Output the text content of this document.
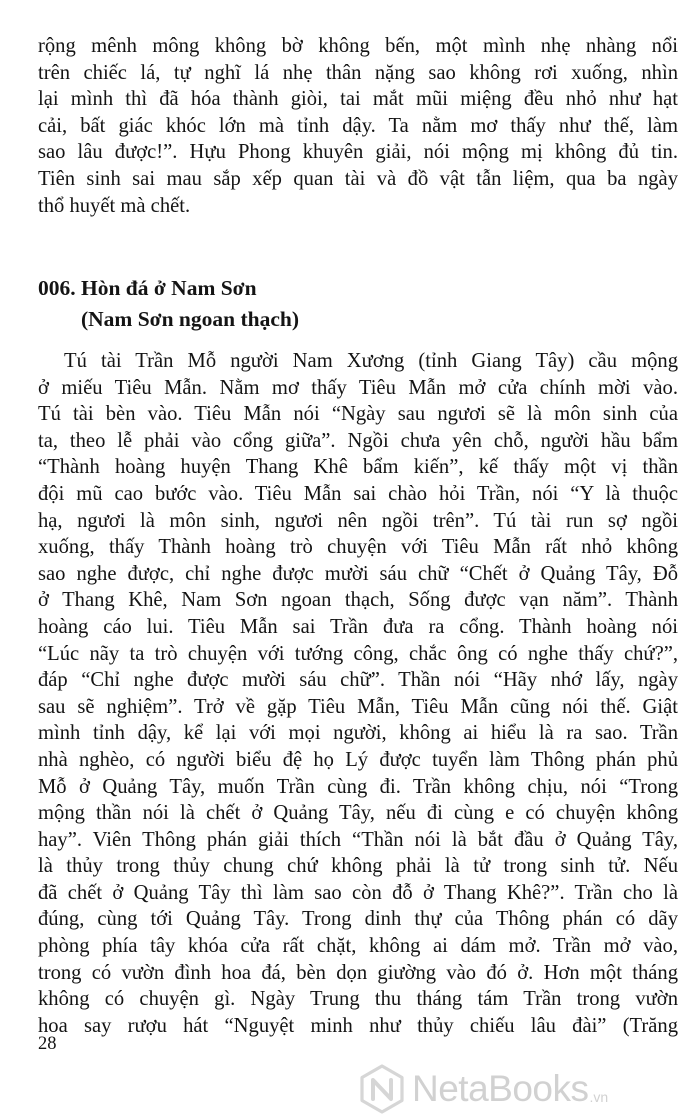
rộng mênh mông không bờ không bến, một mình nhẹ nhàng nổi
trên chiếc lá, tự nghĩ lá nhẹ thân nặng sao không rơi xuống, nhìn
lại mình thì đã hóa thành giòi, tai mắt mũi miệng đều nhỏ như hạt
cải, bất giác khóc lớn mà tỉnh dậy. Ta nằm mơ thấy như thế, làm
sao lâu được!”. Hựu Phong khuyên giải, nói mộng mị không đủ tin.
Tiên sinh sai mau sắp xếp quan tài và đồ vật tẫn liệm, qua ba ngày
thổ huyết mà chết.
006. Hòn đá ở Nam Sơn
(Nam Sơn ngoan thạch)
Tú tài Trần Mỗ người Nam Xương (tỉnh Giang Tây) cầu mộng
ở miếu Tiêu Mẫn. Nằm mơ thấy Tiêu Mẫn mở cửa chính mời vào.
Tú tài bèn vào. Tiêu Mẫn nói “Ngày sau ngươi sẽ là môn sinh của
ta, theo lễ phải vào cổng giữa”. Ngồi chưa yên chỗ, người hầu bẩm
“Thành hoàng huyện Thang Khê bẩm kiến”, kế thấy một vị thần
đội mũ cao bước vào. Tiêu Mẫn sai chào hỏi Trần, nói “Y là thuộc
hạ, ngươi là môn sinh, ngươi nên ngồi trên”. Tú tài run sợ ngồi
xuống, thấy Thành hoàng trò chuyện với Tiêu Mẫn rất nhỏ không
sao nghe được, chỉ nghe được mười sáu chữ “Chết ở Quảng Tây, Đỗ
ở Thang Khê, Nam Sơn ngoan thạch, Sống được vạn năm”. Thành
hoàng cáo lui. Tiêu Mẫn sai Trần đưa ra cổng. Thành hoàng nói
“Lúc nãy ta trò chuyện với tướng công, chắc ông có nghe thấy chứ?”,
đáp “Chỉ nghe được mười sáu chữ”. Thần nói “Hãy nhớ lấy, ngày
sau sẽ nghiệm”. Trở về gặp Tiêu Mẫn, Tiêu Mẫn cũng nói thế. Giật
mình tỉnh dậy, kể lại với mọi người, không ai hiểu là ra sao. Trần
nhà nghèo, có người biểu đệ họ Lý được tuyển làm Thông phán phủ
Mỗ ở Quảng Tây, muốn Trần cùng đi. Trần không chịu, nói “Trong
mộng thần nói là chết ở Quảng Tây, nếu đi cùng e có chuyện không
hay”. Viên Thông phán giải thích “Thần nói là bắt đầu ở Quảng Tây,
là thủy trong thủy chung chứ không phải là tử trong sinh tử. Nếu
đã chết ở Quảng Tây thì làm sao còn đỗ ở Thang Khê?”. Trần cho là
đúng, cùng tới Quảng Tây. Trong dinh thự của Thông phán có dãy
phòng phía tây khóa cửa rất chặt, không ai dám mở. Trần mở vào,
trong có vườn đình hoa đá, bèn dọn giường vào đó ở. Hơn một tháng
không có chuyện gì. Ngày Trung thu tháng tám Trần trong vườn
hoa say rượu hát “Nguyệt minh như thủy chiếu lâu đài” (Trăng

28

NetaBooks .vn
